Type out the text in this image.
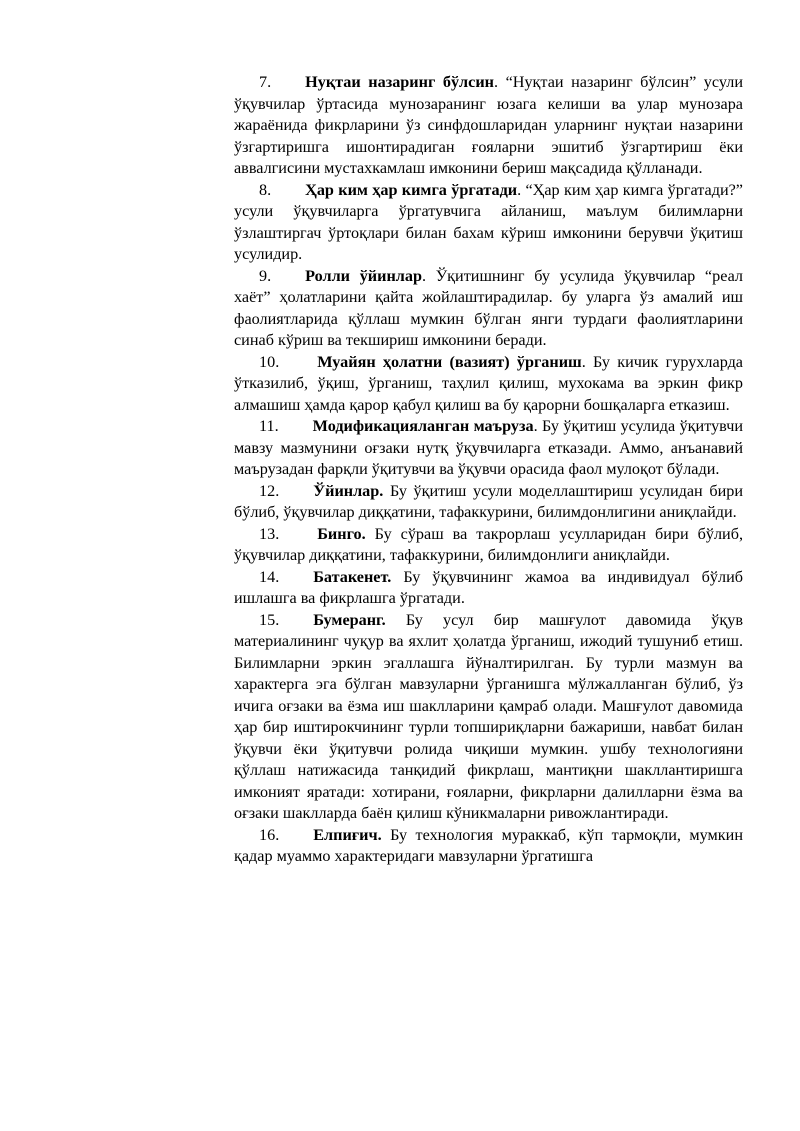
7. Нуқтаи назаринг бўлсин. “Нуқтаи назаринг бўлсин” усули ўқувчилар ўртасида мунозаранинг юзага келиши ва улар мунозара жараёнида фикрларини ўз синфдошларидан уларнинг нуқтаи назарини ўзгартиришга ишонтирадиган ғояларни эшитиб ўзгартириш ёки аввалгисини мустахкамлаш имконини бериш мақсадида қўлланади.

8. Ҳар ким ҳар кимга ўргатади. “Ҳар ким ҳар кимга ўргатади?” усули ўқувчиларга ўргатувчига айланиш, маълум билимларни ўзлаштиргач ўртоқлари билан бахам кўриш имконини берувчи ўқитиш усулидир.

9. Ролли ўйинлар. Ўқитишнинг бу усулида ўқувчилар “реал хаёт” ҳолатларини қайта жойлаштирадилар. бу уларга ўз амалий иш фаолиятларида қўллаш мумкин бўлган янги турдаги фаолиятларини синаб кўриш ва текшириш имконини беради.

10. Муайян ҳолатни (вазият) ўрганиш. Бу кичик гурухларда ўтказилиб, ўқиш, ўрганиш, таҳлил қилиш, мухокама ва эркин фикр алмашиш ҳамда қарор қабул қилиш ва бу қарорни бошқаларга етказиш.

11. Модификацияланган маъруза. Бу ўқитиш усулида ўқитувчи мавзу мазмунини оғзаки нутқ ўқувчиларга етказади. Аммо, анъанавий маърузадан фарқли ўқитувчи ва ўқувчи орасида фаол мулоқот бўлади.

12. Ўйинлар. Бу ўқитиш усули моделлаштириш усулидан бири бўлиб, ўқувчилар диққатини, тафаккурини, билимдонлигини аниқлайди.

13. Бинго. Бу сўраш ва такрорлаш усулларидан бири бўлиб, ўқувчилар диққатини, тафаккурини, билимдонлиги аниқлайди.

14. Батакенет. Бу ўқувчининг жамоа ва индивидуал бўлиб ишлашга ва фикрлашга ўргатади.

15. Бумеранг. Бу усул бир машғулот давомида ўқув материалининг чуқур ва яхлит ҳолатда ўрганиш, ижодий тушуниб етиш. Билимларни эркин эгаллашга йўналтирилган. Бу турли мазмун ва характерга эга бўлган мавзуларни ўрганишга мўлжалланган бўлиб, ўз ичига оғзаки ва ёзма иш шаклларини қамраб олади. Машғулот давомида ҳар бир иштирокчининг турли топшириқларни бажариши, навбат билан ўқувчи ёки ўқитувчи ролида чиқиши мумкин. ушбу технологияни қўллаш натижасида танқидий фикрлаш, мантиқни шакллантиришга имконият яратади: хотирани, ғояларни, фикрларни далилларни ёзма ва оғзаки шаклларда баён қилиш кўникмаларни ривожлантиради.

16. Елпиғич. Бу технология мураккаб, кўп тармоқли, мумкин қадар муаммо характеридаги мавзуларни ўргатишга
